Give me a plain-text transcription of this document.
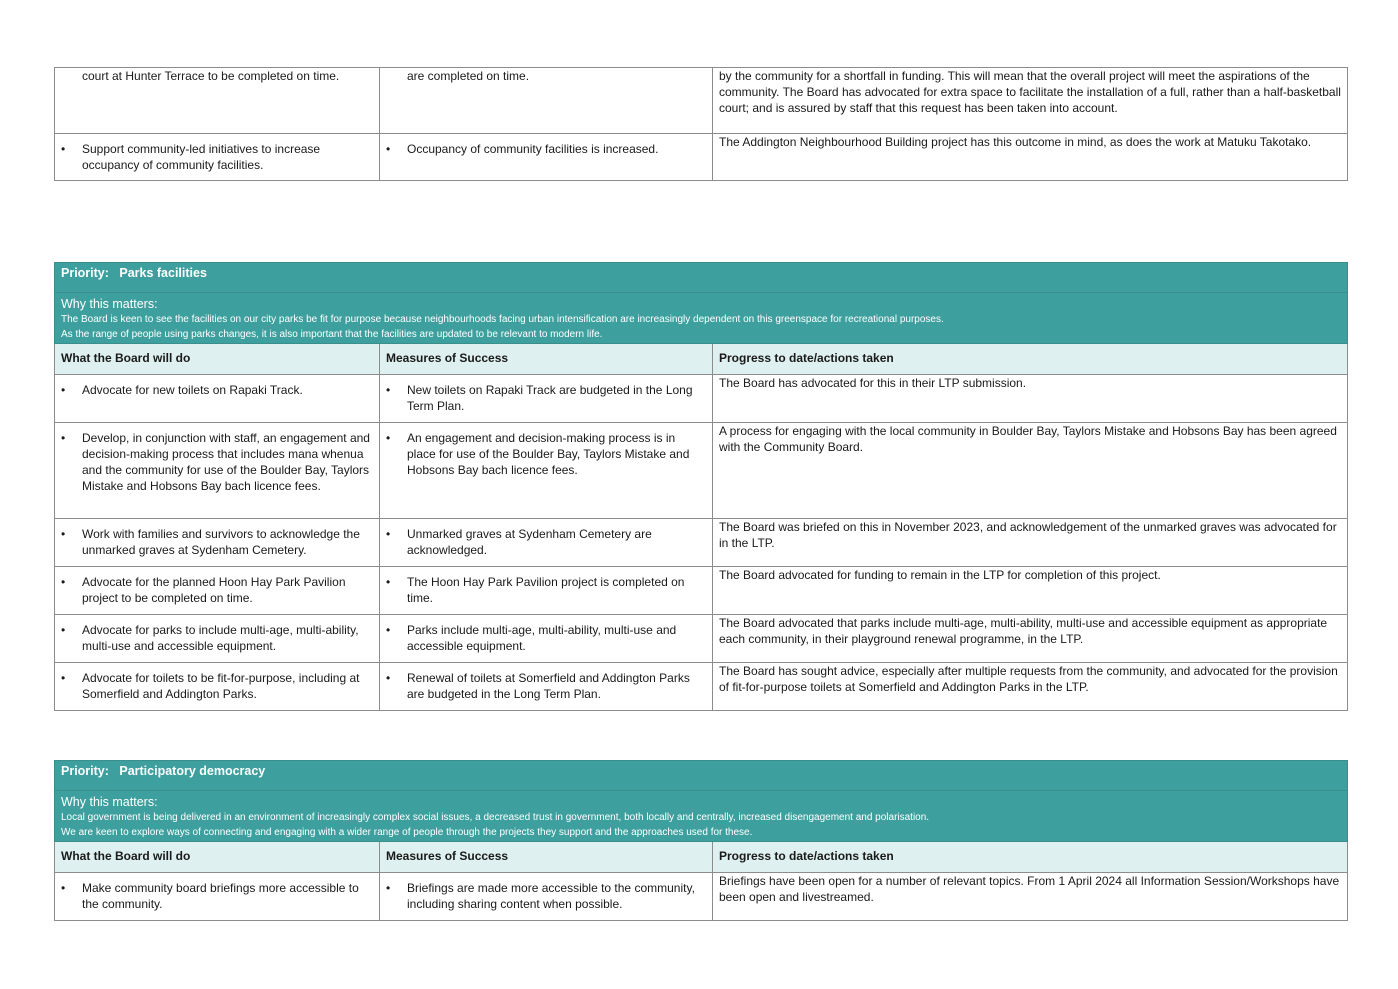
court at Hunter Terrace to be completed on time.	are completed on time.	by the community for a shortfall in funding. This will mean that the overall project will meet the aspirations of the community. The Board has advocated for extra space to facilitate the installation of a full, rather than a half-basketball court; and is assured by staff that this request has been taken into account.

• Support community-led initiatives to increase occupancy of community facilities.	• Occupancy of community facilities is increased.	The Addington Neighbourhood Building project has this outcome in mind, as does the work at Matuku Takotako.
Priority: Parks facilities		

Why this matters:
The Board is keen to see the facilities on our city parks be fit for purpose because neighbourhoods facing urban intensification are increasingly dependent on this greenspace for recreational purposes.
As the range of people using parks changes, it is also important that the facilities are updated to be relevant to modern life.		

What the Board will do	Measures of Success	Progress to date/actions taken

• Advocate for new toilets on Rapaki Track.	• New toilets on Rapaki Track are budgeted in the Long Term Plan.	The Board has advocated for this in their LTP submission.

• Develop, in conjunction with staff, an engagement and decision-making process that includes mana whenua and the community for use of the Boulder Bay, Taylors Mistake and Hobsons Bay bach licence fees.	• An engagement and decision-making process is in place for use of the Boulder Bay, Taylors Mistake and Hobsons Bay bach licence fees.	A process for engaging with the local community in Boulder Bay, Taylors Mistake and Hobsons Bay has been agreed with the Community Board.

• Work with families and survivors to acknowledge the unmarked graves at Sydenham Cemetery.	• Unmarked graves at Sydenham Cemetery are acknowledged.	The Board was briefed on this in November 2023, and acknowledgement of the unmarked graves was advocated for in the LTP.

• Advocate for the planned Hoon Hay Park Pavilion project to be completed on time.	• The Hoon Hay Park Pavilion project is completed on time.	The Board advocated for funding to remain in the LTP for completion of this project.

• Advocate for parks to include multi-age, multi-ability, multi-use and accessible equipment.	• Parks include multi-age, multi-ability, multi-use and accessible equipment.	The Board advocated that parks include multi-age, multi-ability, multi-use and accessible equipment as appropriate each community, in their playground renewal programme, in the LTP.

• Advocate for toilets to be fit-for-purpose, including at Somerfield and Addington Parks.	• Renewal of toilets at Somerfield and Addington Parks are budgeted in the Long Term Plan.	The Board has sought advice, especially after multiple requests from the community, and advocated for the provision of fit-for-purpose toilets at Somerfield and Addington Parks in the LTP.
Priority: Participatory democracy		

Why this matters:
Local government is being delivered in an environment of increasingly complex social issues, a decreased trust in government, both locally and centrally, increased disengagement and polarisation.
We are keen to explore ways of connecting and engaging with a wider range of people through the projects they support and the approaches used for these.		

What the Board will do	Measures of Success	Progress to date/actions taken

• Make community board briefings more accessible to the community.	• Briefings are made more accessible to the community, including sharing content when possible.	Briefings have been open for a number of relevant topics. From 1 April 2024 all Information Session/Workshops have been open and livestreamed.
